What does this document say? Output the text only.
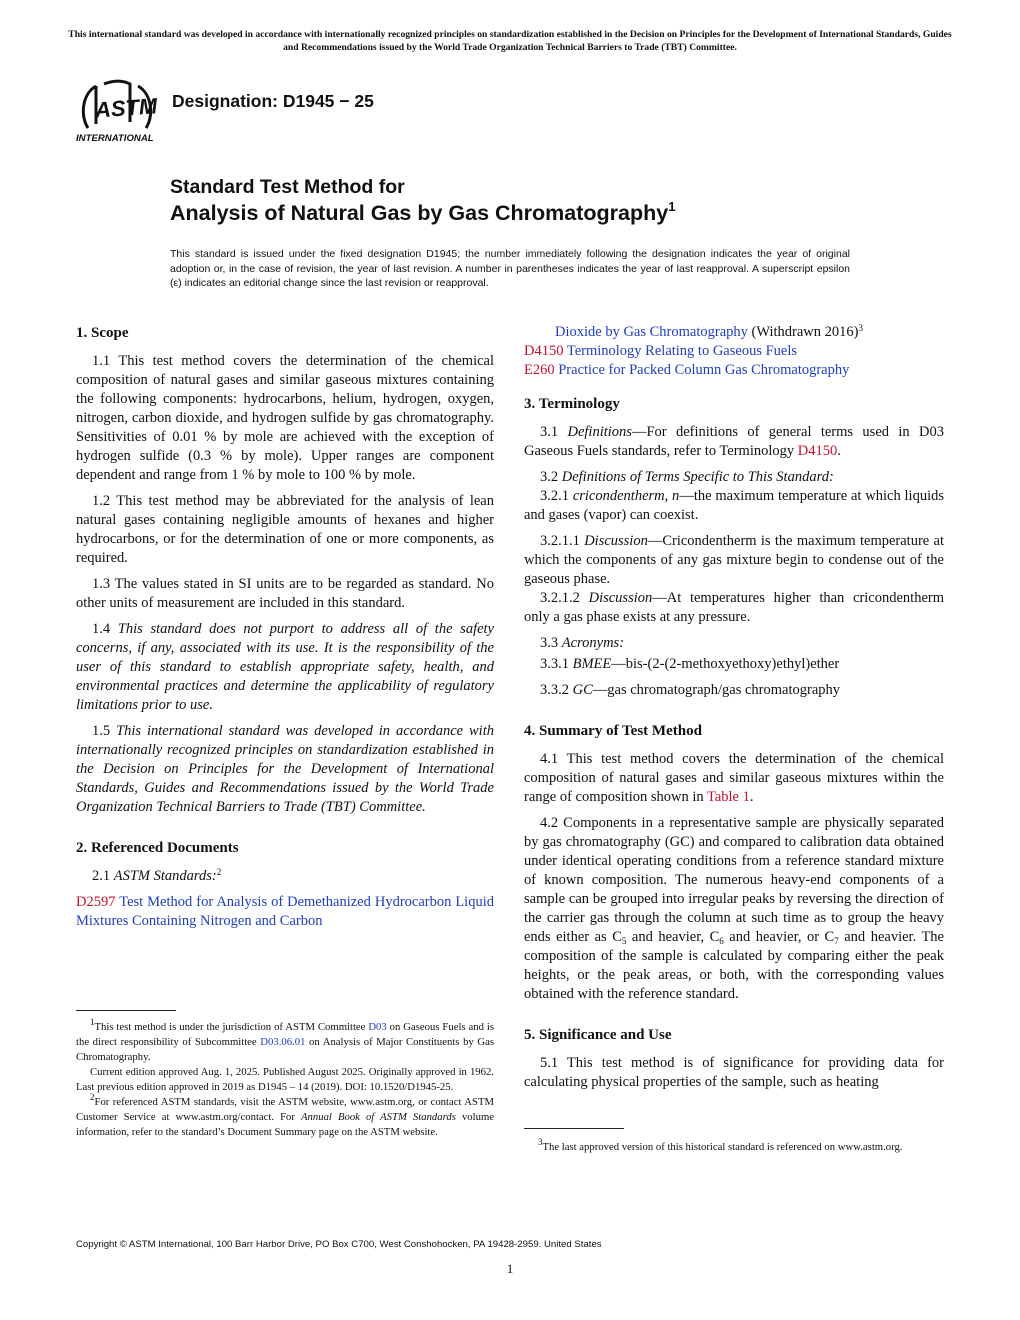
This international standard was developed in accordance with internationally recognized principles on standardization established in the Decision on Principles for the Development of International Standards, Guides and Recommendations issued by the World Trade Organization Technical Barriers to Trade (TBT) Committee.
ASTM
INTERNATIONAL
Designation: D1945 − 25
Standard Test Method for
Analysis of Natural Gas by Gas Chromatography$^1$
This standard is issued under the fixed designation D1945; the number immediately following the designation indicates the year of original adoption or, in the case of revision, the year of last revision. A number in parentheses indicates the year of last reapproval. A superscript epsilon (ε) indicates an editorial change since the last revision or reapproval.
1. Scope

1.1 This test method covers the determination of the chemical composition of natural gases and similar gaseous mixtures containing the following components: hydrocarbons, helium, hydrogen, oxygen, nitrogen, carbon dioxide, and hydrogen sulfide by gas chromatography. Sensitivities of 0.01 % by mole are achieved with the exception of hydrogen sulfide (0.3 % by mole). Upper ranges are component dependent and range from 1 % by mole to 100 % by mole.

1.2 This test method may be abbreviated for the analysis of lean natural gases containing negligible amounts of hexanes and higher hydrocarbons, or for the determination of one or more components, as required.

1.3 The values stated in SI units are to be regarded as standard. No other units of measurement are included in this standard.

1.4 This standard does not purport to address all of the safety concerns, if any, associated with its use. It is the responsibility of the user of this standard to establish appropriate safety, health, and environmental practices and determine the applicability of regulatory limitations prior to use.

1.5 This international standard was developed in accordance with internationally recognized principles on standardization established in the Decision on Principles for the Development of International Standards, Guides and Recommendations issued by the World Trade Organization Technical Barriers to Trade (TBT) Committee.

2. Referenced Documents

2.1 ASTM Standards:$^2$

D2597 Test Method for Analysis of Demethanized Hydrocarbon Liquid Mixtures Containing Nitrogen and Carbon

$^1$This test method is under the jurisdiction of ASTM Committee D03 on Gaseous Fuels and is the direct responsibility of Subcommittee D03.06.01 on Analysis of Major Constituents by Gas Chromatography.

Current edition approved Aug. 1, 2025. Published August 2025. Originally approved in 1962. Last previous edition approved in 2019 as D1945 – 14 (2019). DOI: 10.1520/D1945-25.

$^2$For referenced ASTM standards, visit the ASTM website, www.astm.org, or contact ASTM Customer Service at www.astm.org/contact. For Annual Book of ASTM Standards volume information, refer to the standard’s Document Summary page on the ASTM website.

Dioxide by Gas Chromatography (Withdrawn 2016)$^3$
D4150 Terminology Relating to Gaseous Fuels
E260 Practice for Packed Column Gas Chromatography
3. Terminology

3.1 Definitions—For definitions of general terms used in D03 Gaseous Fuels standards, refer to Terminology D4150.

3.2 Definitions of Terms Specific to This Standard:

3.2.1 cricondentherm, n—the maximum temperature at which liquids and gases (vapor) can coexist.

3.2.1.1 Discussion—Cricondentherm is the maximum temperature at which the components of any gas mixture begin to condense out of the gaseous phase.

3.2.1.2 Discussion—At temperatures higher than cricondentherm only a gas phase exists at any pressure.

3.3 Acronyms:

3.3.1 BMEE—bis-(2-(2-methoxyethoxy)ethyl)ether

3.3.2 GC—gas chromatograph/gas chromatography

4. Summary of Test Method

4.1 This test method covers the determination of the chemical composition of natural gases and similar gaseous mixtures within the range of composition shown in Table 1.

4.2 Components in a representative sample are physically separated by gas chromatography (GC) and compared to calibration data obtained under identical operating conditions from a reference standard mixture of known composition. The numerous heavy-end components of a sample can be grouped into irregular peaks by reversing the direction of the carrier gas through the column at such time as to group the heavy ends either as $C_5$ and heavier, $C_6$ and heavier, or $C_7$ and heavier. The composition of the sample is calculated by comparing either the peak heights, or the peak areas, or both, with the corresponding values obtained with the reference standard.

5. Significance and Use

5.1 This test method is of significance for providing data for calculating physical properties of the sample, such as heating

$^3$The last approved version of this historical standard is referenced on www.astm.org.

Copyright © ASTM International, 100 Barr Harbor Drive, PO Box C700, West Conshohocken, PA 19428-2959. United States
1
